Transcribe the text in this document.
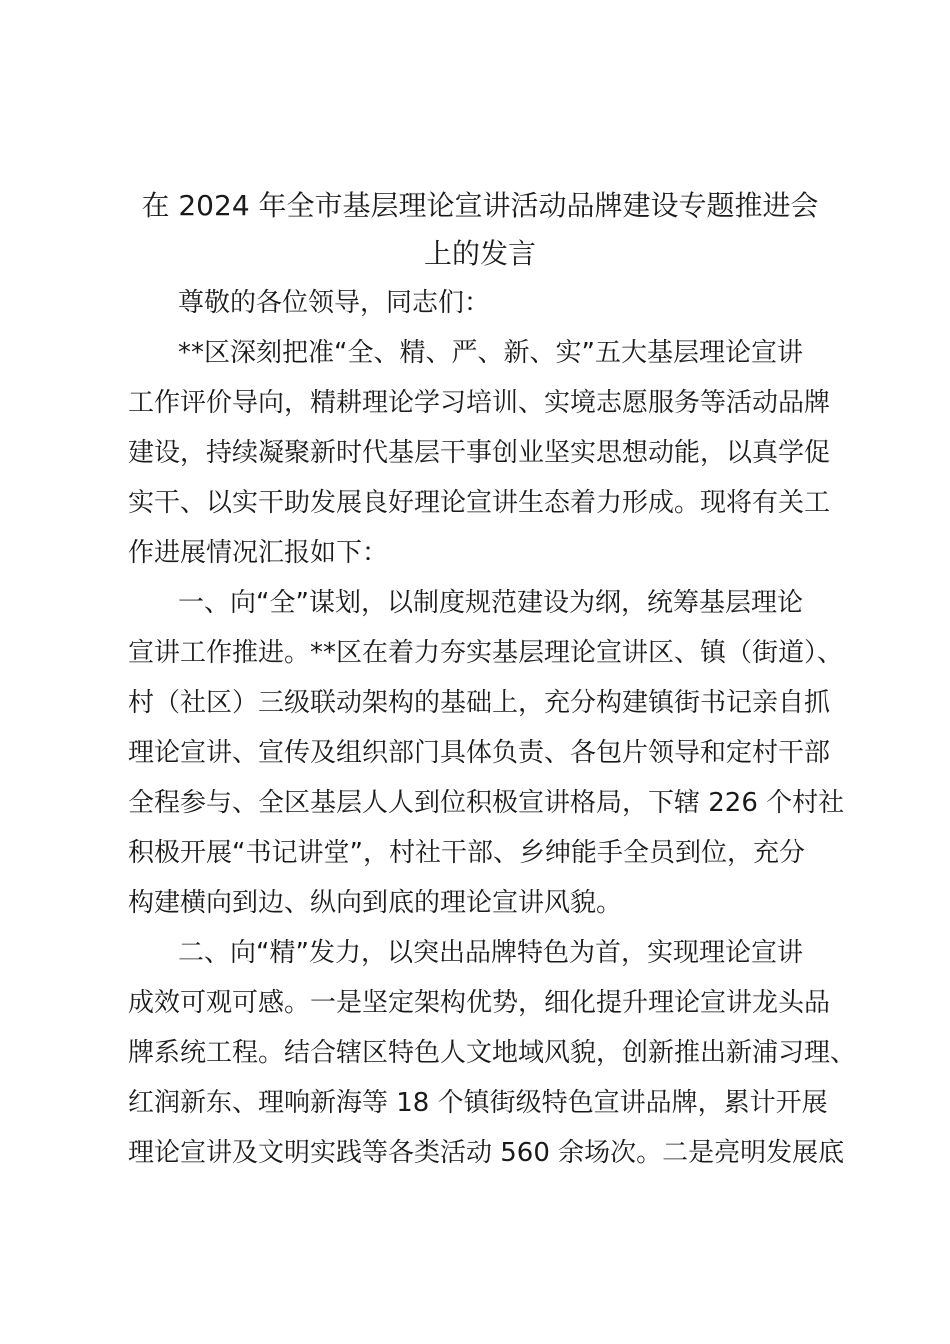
在 2024 年全市基层理论宣讲活动品牌建设专题推进会
上的发言

尊敬的各位领导，同志们：

**区深刻把准“全、精、严、新、实”五大基层理论宣讲

工作评价导向，精耕理论学习培训、实境志愿服务等活动品牌

建设，持续凝聚新时代基层干事创业坚实思想动能，以真学促

实干、以实干助发展良好理论宣讲生态着力形成。现将有关工

作进展情况汇报如下：

一、向“全”谋划，以制度规范建设为纲，统筹基层理论

宣讲工作推进。**区在着力夯实基层理论宣讲区、镇（街道）、

村（社区）三级联动架构的基础上，充分构建镇街书记亲自抓

理论宣讲、宣传及组织部门具体负责、各包片领导和定村干部

全程参与、全区基层人人到位积极宣讲格局，下辖 226 个村社

积极开展“书记讲堂”，村社干部、乡绅能手全员到位，充分

构建横向到边、纵向到底的理论宣讲风貌。

二、向“精”发力，以突出品牌特色为首，实现理论宣讲

成效可观可感。一是坚定架构优势，细化提升理论宣讲龙头品

牌系统工程。结合辖区特色人文地域风貌，创新推出新浦习理、

红润新东、理响新海等 18 个镇街级特色宣讲品牌，累计开展

理论宣讲及文明实践等各类活动 560 余场次。二是亮明发展底
